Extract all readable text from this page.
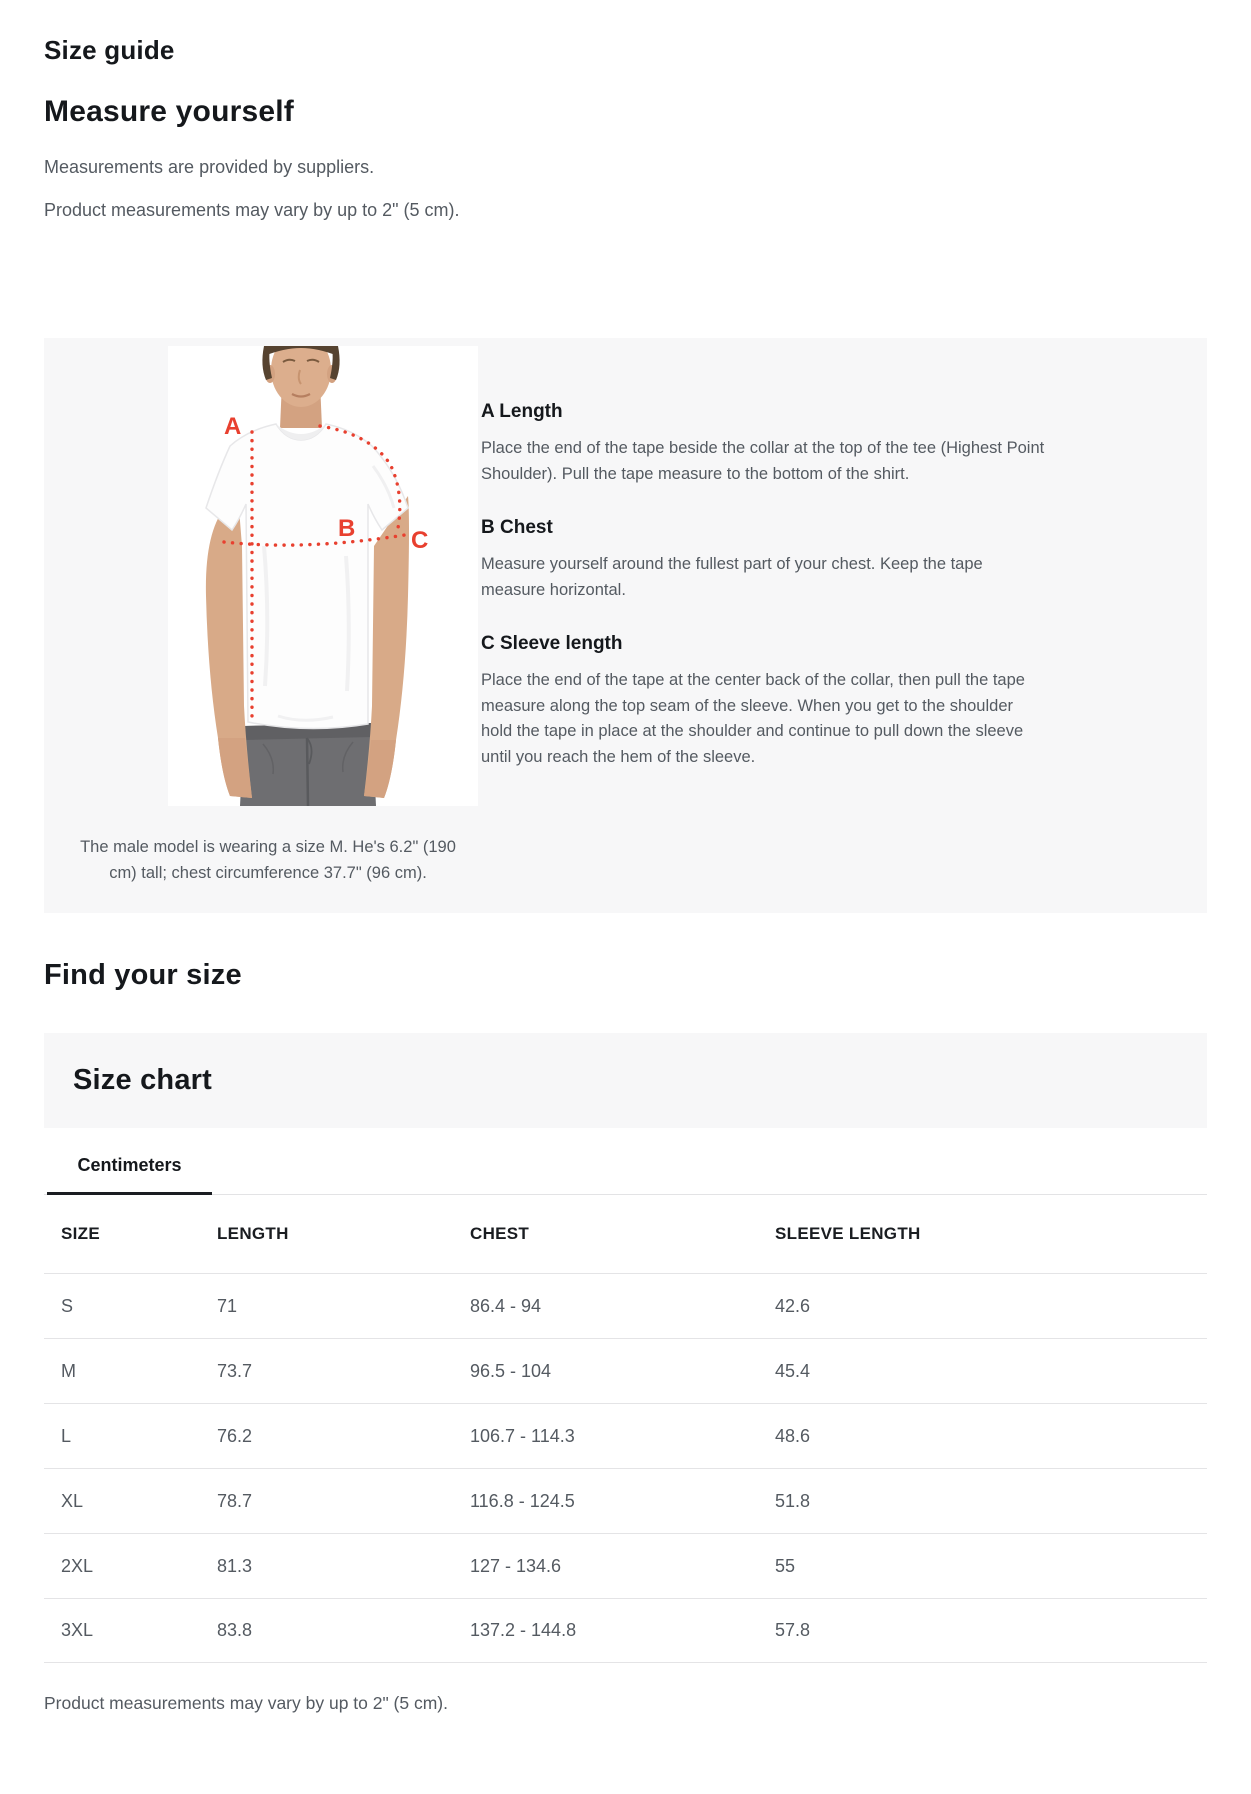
Size guide
Measure yourself

Measurements are provided by suppliers.

Product measurements may vary by up to 2" (5 cm).

A
B C

The male model is wearing a size M. He's 6.2" (190 cm) tall; chest circumference 37.7" (96 cm).

A Length

Place the end of the tape beside the collar at the top of the tee (Highest Point Shoulder). Pull the tape measure to the bottom of the shirt.

B Chest

Measure yourself around the fullest part of your chest. Keep the tape measure horizontal.

C Sleeve length

Place the end of the tape at the center back of the collar, then pull the tape measure along the top seam of the sleeve. When you get to the shoulder hold the tape in place at the shoulder and continue to pull down the sleeve until you reach the hem of the sleeve.

Find your size
Size chart
Centimeters
SIZE	LENGTH	CHEST	SLEEVE LENGTH
S	71	86.4 - 94	42.6
M	73.7	96.5 - 104	45.4
L	76.2	106.7 - 114.3	48.6
XL	78.7	116.8 - 124.5	51.8
2XL	81.3	127 - 134.6	55
3XL	83.8	137.2 - 144.8	57.8

Product measurements may vary by up to 2" (5 cm).
